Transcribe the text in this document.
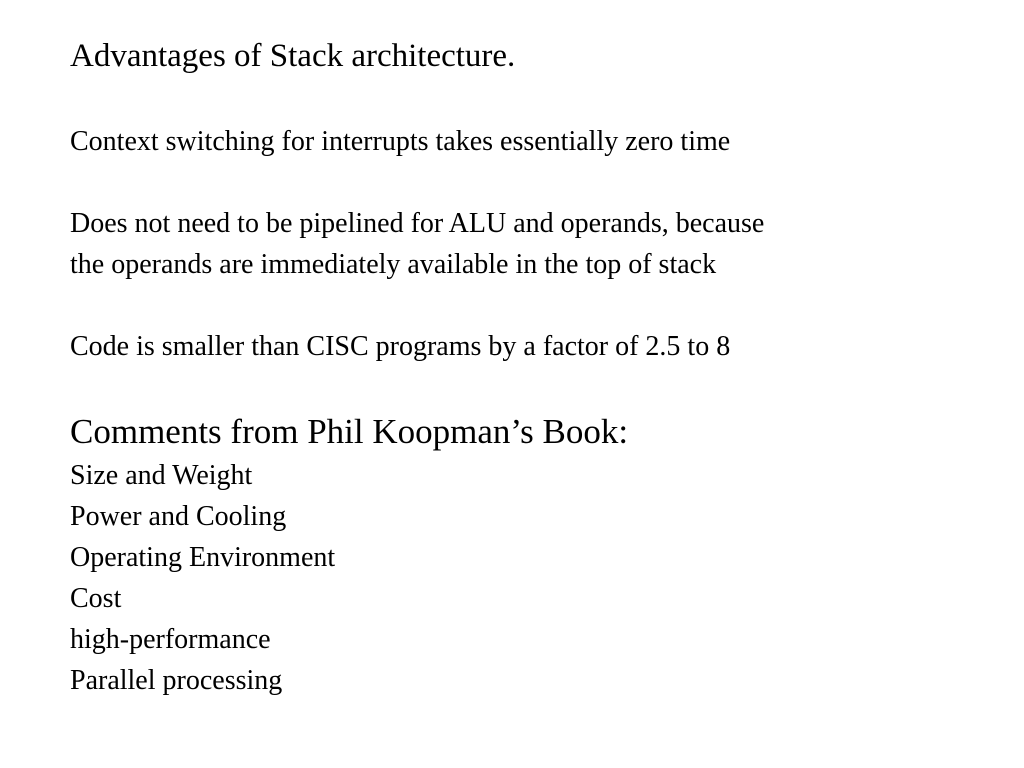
Advantages of Stack architecture.
Context switching for interrupts takes essentially zero time
Does not need to be pipelined for ALU and operands, because
the operands are immediately available in the top of stack
Code is smaller than CISC programs by a factor of 2.5 to 8
Comments from Phil Koopman’s Book:
Size and Weight
Power and Cooling
Operating Environment
Cost
high-performance
Parallel processing
